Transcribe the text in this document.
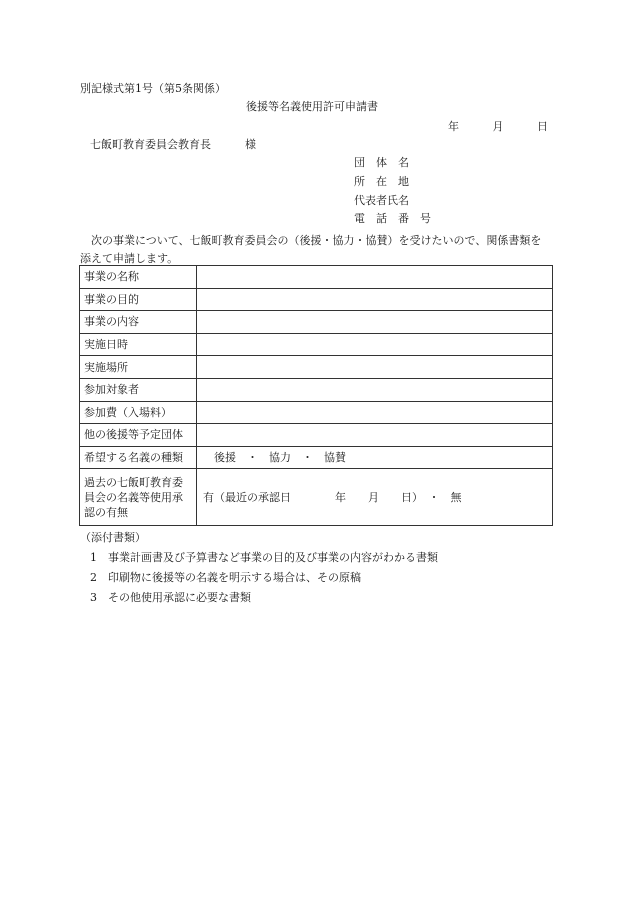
別記様式第1号（第5条関係）
後援等名義使用許可申請書
年	月	日
七飯町教育委員会教育長	様
団　体　名
所　在　地
代表者氏名
電　話　番　号
　次の事業について、七飯町教育委員会の（後援・協力・協賛）を受けたいので、関係書類を添えて申請します。
事業の名称	
事業の目的	
事業の内容	
実施日時	
実施場所	
参加対象者	
参加費（入場料）	
他の後援等予定団体	
希望する名義の種類	　後援　・　協力　・　協賛
過去の七飯町教育委員会の名義等使用承認の有無	有（最近の承認日　　　　年　　月　　日）　・　無
（添付書類）
1 事業計画書及び予算書など事業の目的及び事業の内容がわかる書類
2 印刷物に後援等の名義を明示する場合は、その原稿
3 その他使用承認に必要な書類
